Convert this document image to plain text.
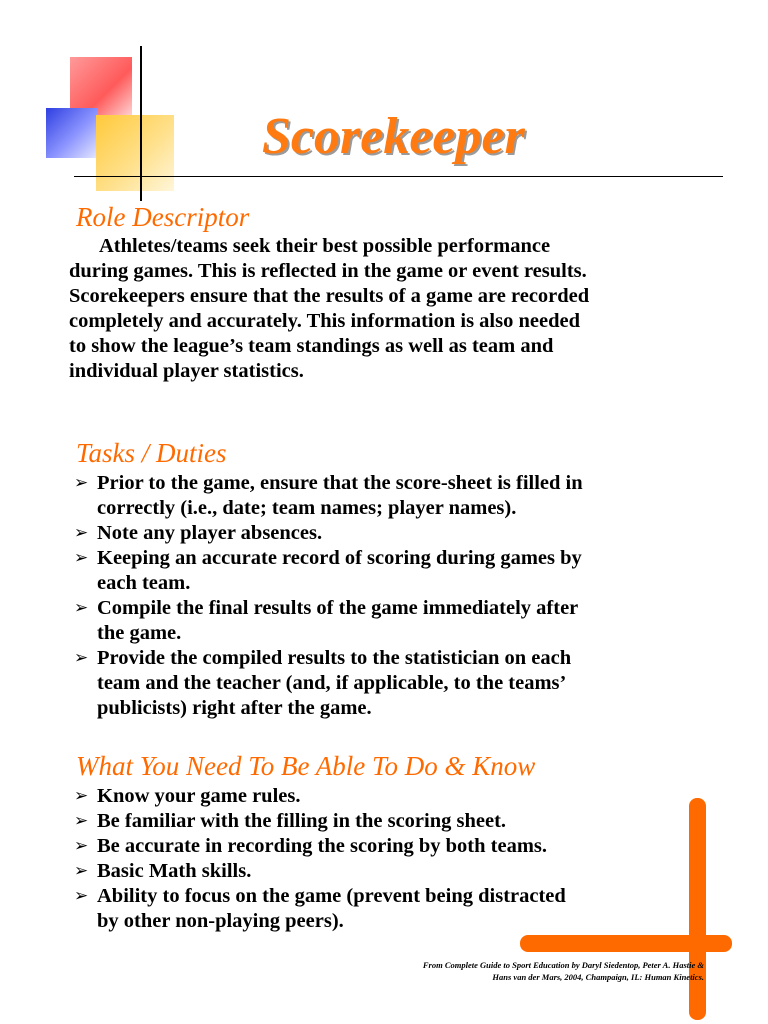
Scorekeeper
Role Descriptor
Athletes/teams seek their best possible performance
during games. This is reflected in the game or event results.
Scorekeepers ensure that the results of a game are recorded
completely and accurately. This information is also needed
to show the league’s team standings as well as team and
individual player statistics.
Tasks / Duties
➢ Prior to the game, ensure that the score-sheet is filled in
correctly (i.e., date; team names; player names).
➢ Note any player absences.
➢ Keeping an accurate record of scoring during games by
each team.
➢ Compile the final results of the game immediately after
the game.
➢ Provide the compiled results to the statistician on each
team and the teacher (and, if applicable, to the teams’
publicists) right after the game.
What You Need To Be Able To Do & Know
➢ Know your game rules.
➢ Be familiar with the filling in the scoring sheet.
➢ Be accurate in recording the scoring by both teams.
➢ Basic Math skills.
➢ Ability to focus on the game (prevent being distracted
by other non-playing peers).
From Complete Guide to Sport Education by Daryl Siedentop, Peter A. Hastie &
Hans van der Mars, 2004, Champaign, IL: Human Kinetics.
